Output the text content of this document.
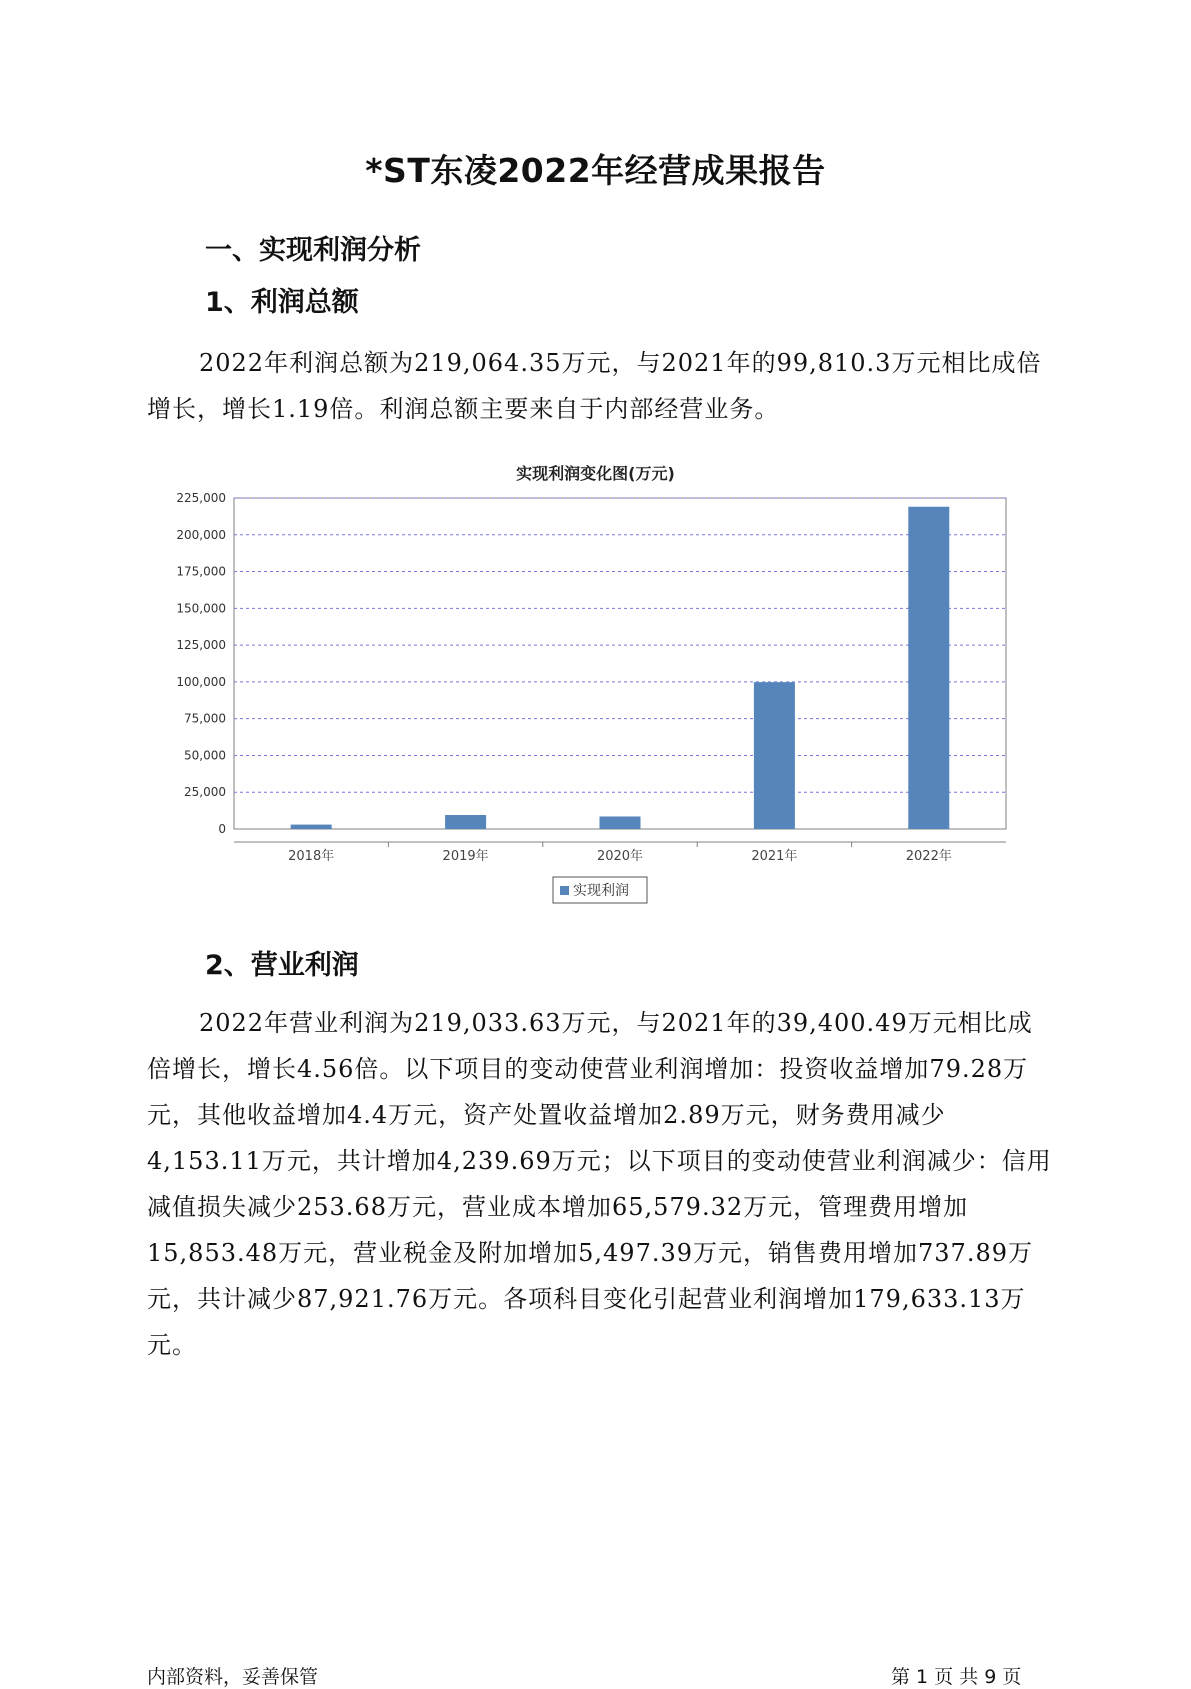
*ST东凌2022年经营成果报告
一、实现利润分析
1、利润总额
2022年利润总额为219,064.35万元，与2021年的99,810.3万元相比成倍增长，增长1.19倍。利润总额主要来自于内部经营业务。
实现利润变化图(万元)
0
25,000
50,000
75,000
100,000
125,000
150,000
175,000
200,000
225,000
2018年	2019年	2020年	2021年	2022年
实现利润
2、营业利润
2022年营业利润为219,033.63万元，与2021年的39,400.49万元相比成倍增长，增长4.56倍。以下项目的变动使营业利润增加：投资收益增加79.28万元，其他收益增加4.4万元，资产处置收益增加2.89万元，财务费用减少4,153.11万元，共计增加4,239.69万元；以下项目的变动使营业利润减少：信用减值损失减少253.68万元，营业成本增加65,579.32万元，管理费用增加15,853.48万元，营业税金及附加增加5,497.39万元，销售费用增加737.89万元，共计减少87,921.76万元。各项科目变化引起营业利润增加179,633.13万元。
内部资料，妥善保管	第 1 页 共 9 页
